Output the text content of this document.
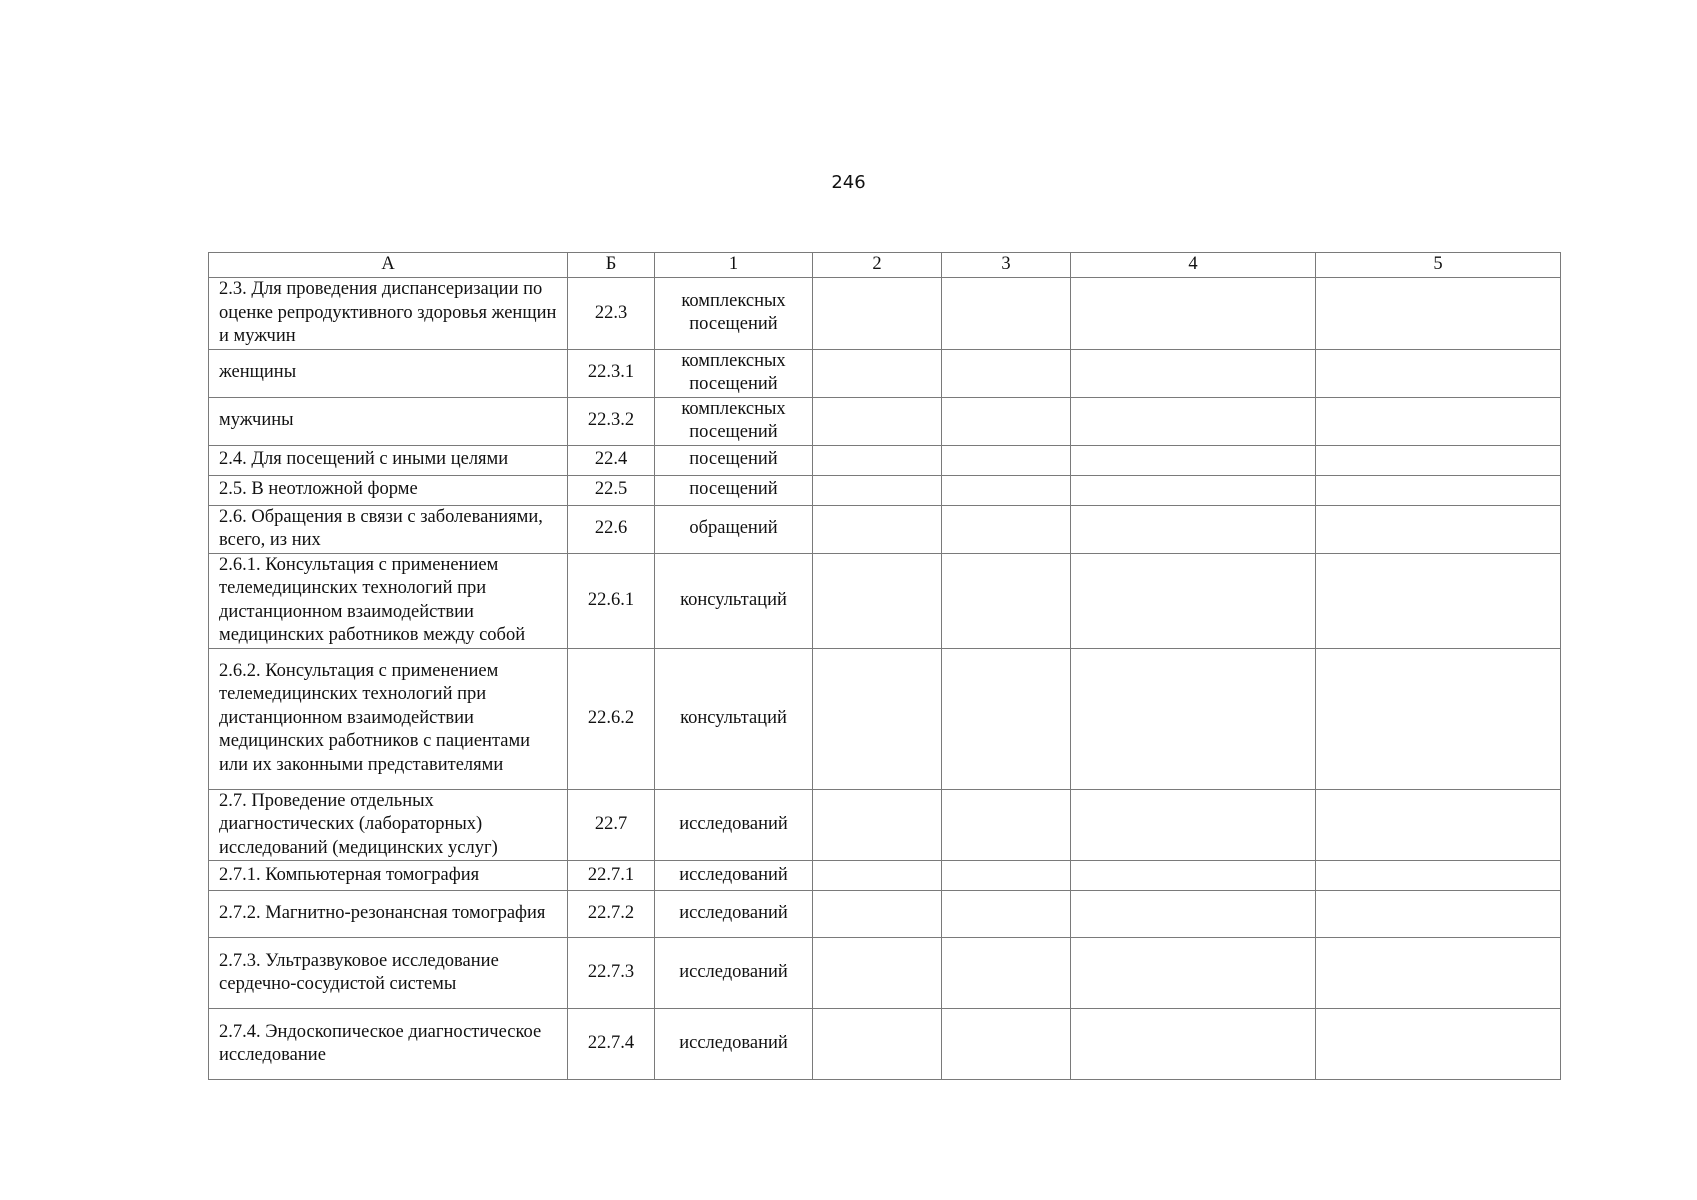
246
А	Б	1	2	3	4	5
2.3. Для проведения диспансеризации по оценке репродуктивного здоровья женщин и мужчин	22.3	комплексных посещений				
женщины	22.3.1	комплексных посещений				
мужчины	22.3.2	комплексных посещений				
2.4. Для посещений с иными целями	22.4	посещений				
2.5. В неотложной форме	22.5	посещений				
2.6. Обращения в связи с заболеваниями, всего, из них	22.6	обращений				
2.6.1. Консультация с применением телемедицинских технологий при дистанционном взаимодействии медицинских работников между собой	22.6.1	консультаций				
2.6.2. Консультация с применением телемедицинских технологий при дистанционном взаимодействии медицинских работников с пациентами или их законными представителями	22.6.2	консультаций				
2.7. Проведение отдельных диагностических (лабораторных) исследований (медицинских услуг)	22.7	исследований				
2.7.1. Компьютерная томография	22.7.1	исследований				
2.7.2. Магнитно-резонансная томография	22.7.2	исследований				
2.7.3. Ультразвуковое исследование сердечно-сосудистой системы	22.7.3	исследований				
2.7.4. Эндоскопическое диагностическое исследование	22.7.4	исследований				
